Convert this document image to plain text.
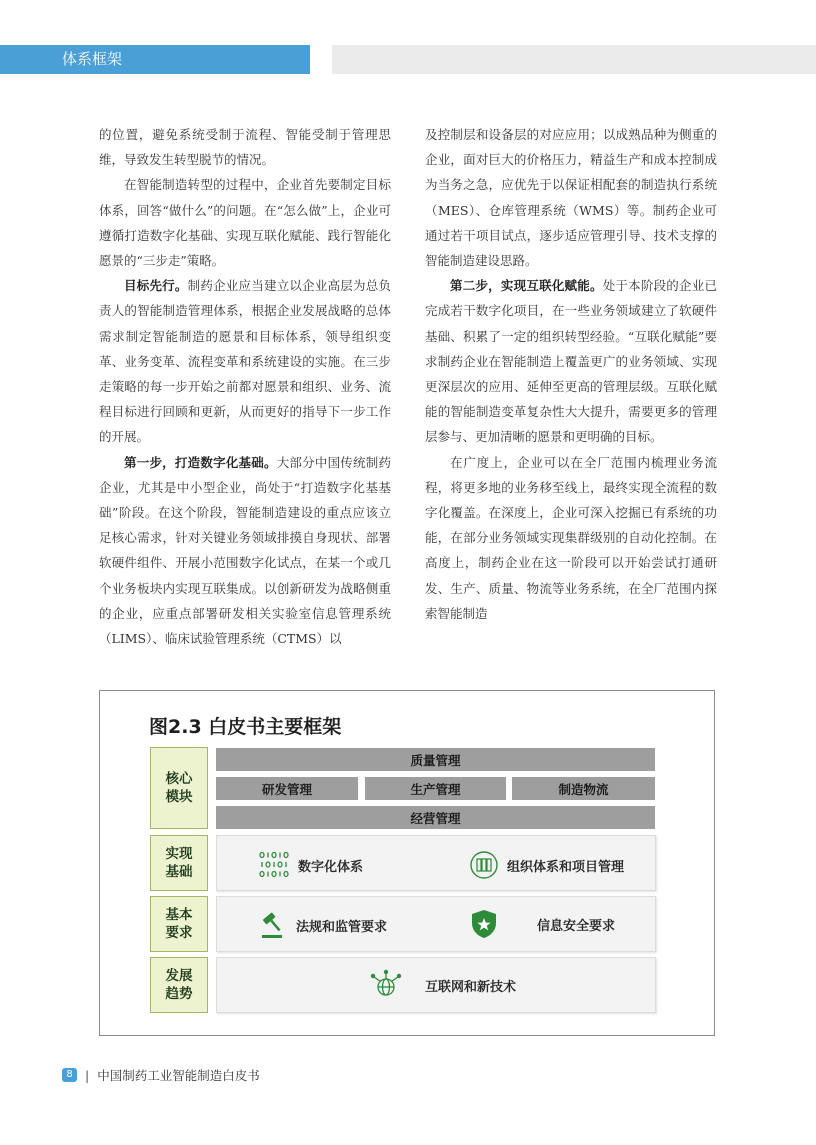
体系框架

的位置，避免系统受制于流程、智能受制于管理思维，导致发生转型脱节的情况。

在智能制造转型的过程中，企业首先要制定目标体系，回答“做什么”的问题。在“怎么做”上，企业可遵循打造数字化基础、实现互联化赋能、践行智能化愿景的“三步走”策略。

目标先行。制药企业应当建立以企业高层为总负责人的智能制造管理体系，根据企业发展战略的总体需求制定智能制造的愿景和目标体系，领导组织变革、业务变革、流程变革和系统建设的实施。在三步走策略的每一步开始之前都对愿景和组织、业务、流程目标进行回顾和更新，从而更好的指导下一步工作的开展。

第一步，打造数字化基础。大部分中国传统制药企业，尤其是中小型企业，尚处于“打造数字化基基础”阶段。在这个阶段，智能制造建设的重点应该立足核心需求，针对关键业务领域排摸自身现状、部署软硬件组件、开展小范围数字化试点，在某一个或几个业务板块内实现互联集成。以创新研发为战略侧重的企业，应重点部署研发相关实验室信息管理系统（LIMS）、临床试验管理系统（CTMS）以

及控制层和设备层的对应应用；以成熟品种为侧重的企业，面对巨大的价格压力，精益生产和成本控制成为当务之急，应优先于以保证相配套的制造执行系统（MES）、仓库管理系统（WMS）等。制药企业可通过若干项目试点，逐步适应管理引导、技术支撑的智能制造建设思路。

第二步，实现互联化赋能。处于本阶段的企业已完成若干数字化项目，在一些业务领域建立了软硬件基础、积累了一定的组织转型经验。“互联化赋能”要求制药企业在智能制造上覆盖更广的业务领域、实现更深层次的应用、延伸至更高的管理层级。互联化赋能的智能制造变革复杂性大大提升，需要更多的管理层参与、更加清晰的愿景和更明确的目标。

在广度上，企业可以在全厂范围内梳理业务流程，将更多地的业务移至线上，最终实现全流程的数字化覆盖。在深度上，企业可深入挖掘已有系统的功能，在部分业务领域实现集群级别的自动化控制。在高度上，制药企业在这一阶段可以开始尝试打通研发、生产、质量、物流等业务系统，在全厂范围内探索智能制造

图2.3 白皮书主要框架
核心
模块
实现
基础
基本
要求
发展
趋势
质量管理
研发管理	生产管理	制造物流
经营管理
数字化体系	组织体系和项目管理
法规和监管要求	信息安全要求
互联网和新技术
8 | 中国制药工业智能制造白皮书
